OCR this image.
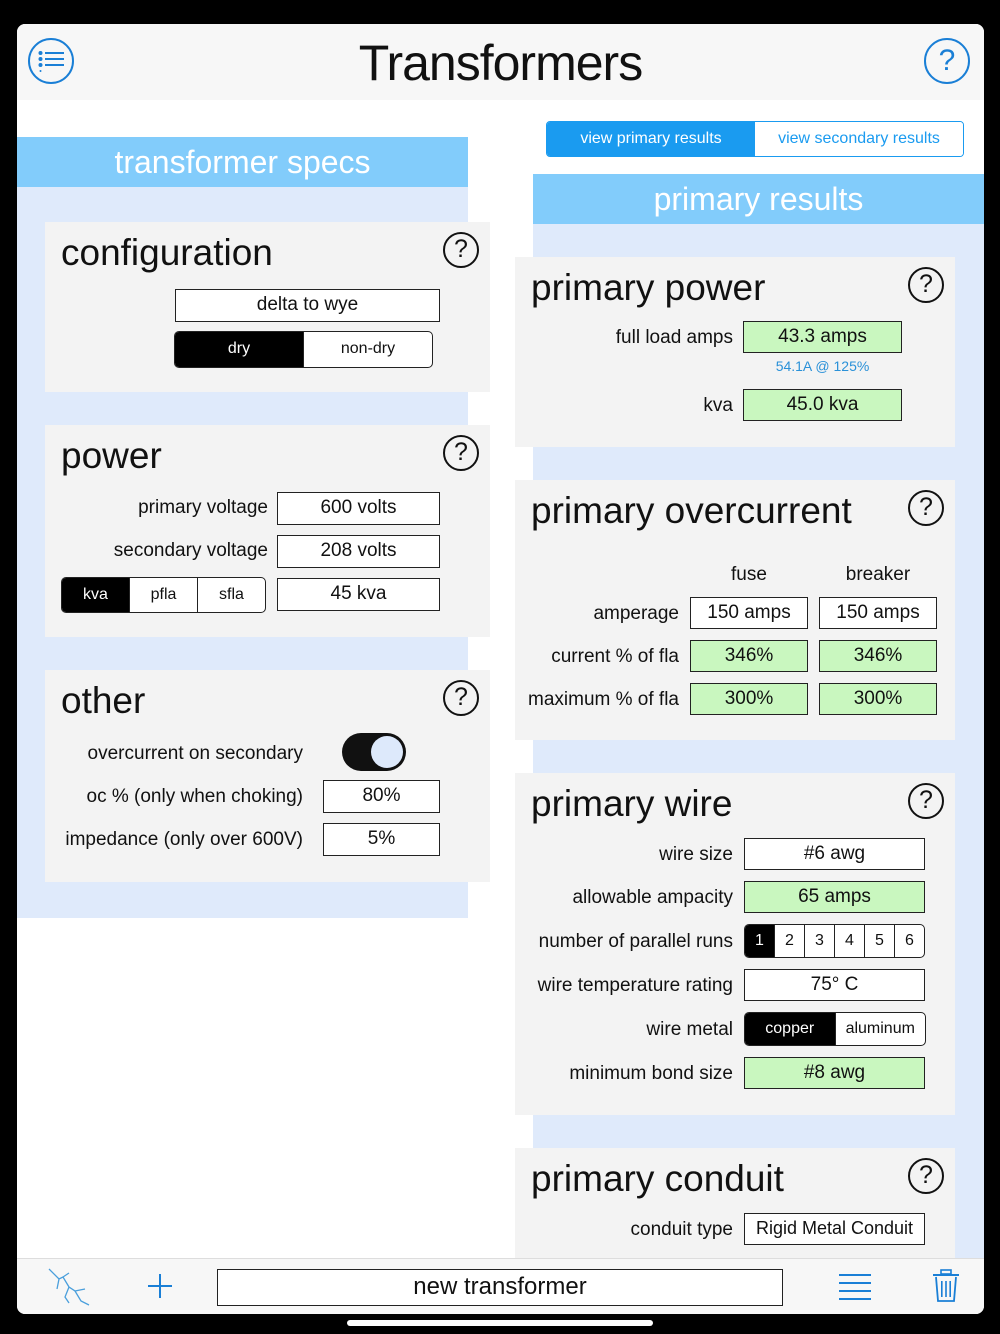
Transformers	?
view primary results	view secondary results
transformer specs
configuration	?
delta to wye
dry	non-dry
power	?
primary voltage	600 volts
secondary voltage	208 volts
kva	pfla	sfla	45 kva
other	?
overcurrent on secondary
oc % (only when choking)	80%
impedance (only over 600V)	5%
primary results
primary power	?
full load amps	43.3 amps
54.1A @ 125%
kva	45.0 kva
primary overcurrent	?
fuse	breaker
amperage	150 amps	150 amps
current % of fla	346%	346%
maximum % of fla	300%	300%
primary wire	?
wire size	#6 awg
allowable ampacity	65 amps
number of parallel runs	1	2	3	4	5	6
wire temperature rating	75° C
wire metal	copper	aluminum
minimum bond size	#8 awg
primary conduit	?
conduit type	Rigid Metal Conduit
new transformer
